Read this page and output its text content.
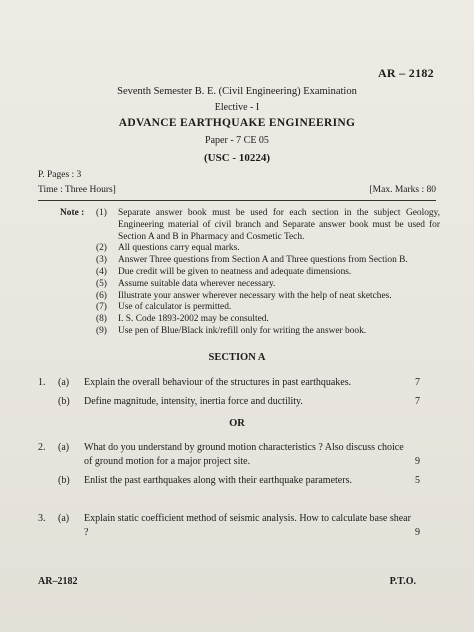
AR – 2182
Seventh Semester B. E. (Civil Engineering) Examination
Elective - I
ADVANCE EARTHQUAKE ENGINEERING
Paper - 7 CE 05
(USC - 10224)
P. Pages : 3
Time : Three Hours]	[Max. Marks : 80
Note :	(1)	Separate answer book must be used for each section in the subject Geology, Engineering material of civil branch and Separate answer book must be used for Section A and B in Pharmacy and Cosmetic Tech.
(2)	All questions carry equal marks.
(3)	Answer Three questions from Section A and Three questions from Section B.
(4)	Due credit will be given to neatness and adequate dimensions.
(5)	Assume suitable data wherever necessary.
(6)	Illustrate your answer wherever necessary with the help of neat sketches.
(7)	Use of calculator is permitted.
(8)	I. S. Code 1893-2002 may be consulted.
(9)	Use pen of Blue/Black ink/refill only for writing the answer book.
SECTION A
1.	(a)	Explain the overall behaviour of the structures in past earthquakes.	7
(b)	Define magnitude, intensity, inertia force and ductility.	7
OR
2.	(a)	What do you understand by ground motion characteristics ? Also discuss choice of ground motion for a major project site.	9
(b)	Enlist the past earthquakes along with their earthquake parameters.	5
3.	(a)	Explain static coefficient method of seismic analysis. How to calculate base shear ?	9
AR–2182	P.T.O.
